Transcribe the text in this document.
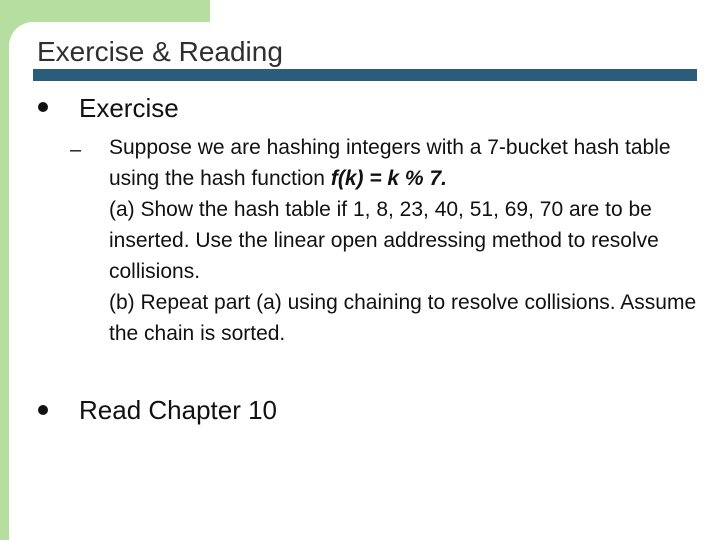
Exercise & Reading
Exercise
– Suppose we are hashing integers with a 7-bucket hash table using the hash function f(k) = k % 7.

(a) Show the hash table if 1, 8, 23, 40, 51, 69, 70 are to be inserted. Use the linear open addressing method to resolve collisions.

(b) Repeat part (a) using chaining to resolve collisions. Assume the chain is sorted.

Read Chapter 10
